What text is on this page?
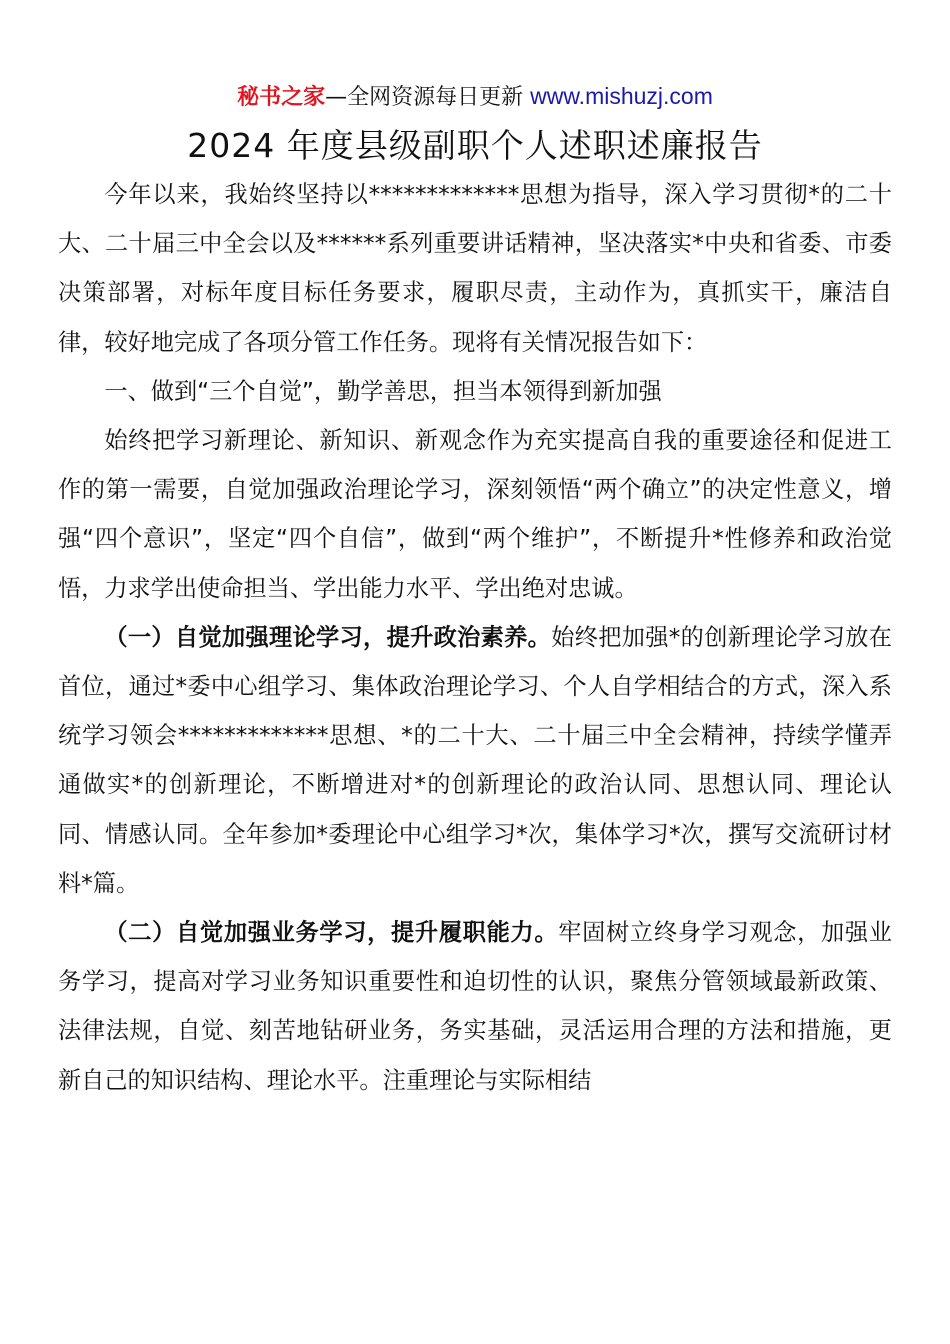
秘书之家—全网资源每日更新 www.mishuzj.com
2024 年度县级副职个人述职述廉报告

今年以来，我始终坚持以*************思想为指导，深入学习贯彻*的二十大、二十届三中全会以及******系列重要讲话精神，坚决落实*中央和省委、市委决策部署，对标年度目标任务要求，履职尽责，主动作为，真抓实干，廉洁自律，较好地完成了各项分管工作任务。现将有关情况报告如下：

一、做到“三个自觉”，勤学善思，担当本领得到新加强

始终把学习新理论、新知识、新观念作为充实提高自我的重要途径和促进工作的第一需要，自觉加强政治理论学习，深刻领悟“两个确立”的决定性意义，增强“四个意识”，坚定“四个自信”，做到“两个维护”，不断提升*性修养和政治觉悟，力求学出使命担当、学出能力水平、学出绝对忠诚。

（一）自觉加强理论学习，提升政治素养。始终把加强*的创新理论学习放在首位，通过*委中心组学习、集体政治理论学习、个人自学相结合的方式，深入系统学习领会*************思想、*的二十大、二十届三中全会精神，持续学懂弄通做实*的创新理论，不断增进对*的创新理论的政治认同、思想认同、理论认同、情感认同。全年参加*委理论中心组学习*次，集体学习*次，撰写交流研讨材料*篇。

（二）自觉加强业务学习，提升履职能力。牢固树立终身学习观念，加强业务学习，提高对学习业务知识重要性和迫切性的认识，聚焦分管领域最新政策、法律法规，自觉、刻苦地钻研业务，务实基础，灵活运用合理的方法和措施，更新自己的知识结构、理论水平。注重理论与实际相结
